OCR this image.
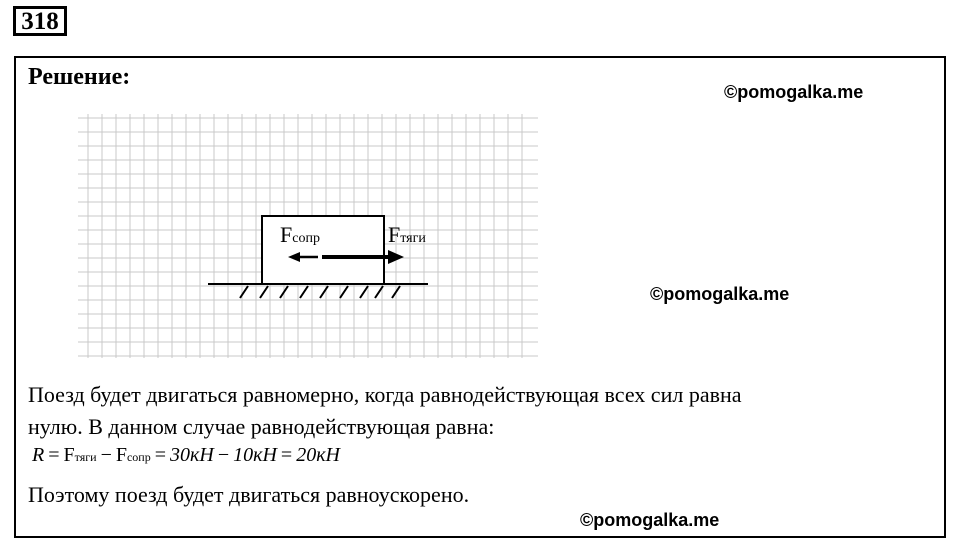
318
Решение:
©pomogalka.me
©pomogalka.me
Fсопр	Fтяги
Поезд будет двигаться равномерно, когда равнодействующая всех сил равна
нулю. В данном случае равнодействующая равна:
R = F тяги − F сопр = 30кН − 10кН = 20кН
Поэтому поезд будет двигаться равноускорено.
©pomogalka.me
